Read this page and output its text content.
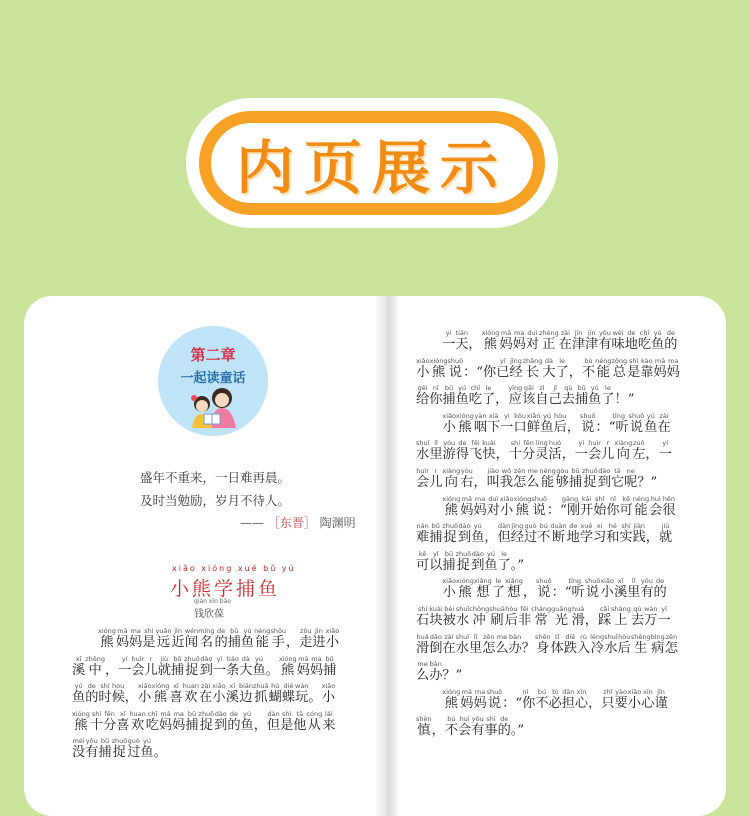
内页展示
第二章
一起读童话
盛年不重来，一日难再晨。
及时当勉励，岁月不待人。
—— ［东晋］ 陶渊明
xiǎo xióng xué bǔ yú
小熊学捕鱼
qián xīn bǎo
钱欣葆
熊xióng妈mā妈ma是shì远yuǎn近jìn闻wén名míng的de捕bǔ鱼yú能néng手shǒu， 走zǒu进jìn小xiǎo
溪xī中zhōng， 一yí会huìr儿r就jiù捕bǔ捉zhuō到dào一yì条tiáo大dà鱼yú。 熊xióng妈mā妈ma捕bǔ
鱼yú的de时shí候hou， 小xiǎo熊xióng喜xǐ欢huan在zài小xiǎo溪xī边biān抓zhuā蝴hú蝶dié玩wán。 小xiǎo
熊xióng十shí分fēn喜xǐ欢huan吃chī妈mā妈ma捕bǔ捉zhuō到dào的de鱼yú， 但dàn是shì他tā从cóng来lái
没méi有yǒu捕bǔ捉zhuō过guò鱼yú。
一yì天tiān， 熊xióng妈mā妈ma对duì正zhèng在zài津jīn津jīn有yǒu味wèi地de吃chī鱼yú的de
小xiǎo熊xióng说shuō： “你 已yǐ经jīng长zhǎng大dà了le， 不bù能néng总zǒng是shì靠kào妈mā妈ma
给gěi你nǐ捕bǔ鱼yú吃chī了le， 应yīng该gāi自zì己jǐ去qù捕bǔ鱼yú了le！”
　 　 小xiǎo熊xióng咽yàn下xià一yì口kǒu鲜xiān鱼yú后hòu， 说shuō： “听tīng说shuō鱼yú在zài
水shuǐ里lǐ游yóu得de飞fēi快kuài， 十shí分fēn灵líng活huó， 一yí会huìr儿r向xiàng左zuǒ， 一yí
会huìr儿r向xiàng右yòu， 叫jiào我wǒ怎zěn么me能néng够gòu捕bǔ捉zhuō到dào它tā呢ne？”
　 　 熊xióng妈mā妈ma对duì小xiǎo熊xióng说shuō： “刚gāng开kāi始shǐ你nǐ可kě能néng会huì很hěn
难nán捕bǔ捉zhuō到dào鱼yú， 但dàn经jīng过guò不bú断duàn地de学xué习xí和hé实shí践jiàn， 就jiù
可kě以yǐ捕bǔ捉zhuō到dào鱼yú了le。”
　 　 小xiǎo熊xióng想xiǎng了le想xiǎng， 说shuō： “听tīng说shuō小xiǎo溪xī里lǐ有yǒu的de
石shí块kuài被bèi水shuǐ冲chōng刷shuā后hòu非fēi常cháng光guāng滑huá， 踩cǎi上shàng去qù万wàn一yī
滑huá倒dǎo在zài水shuǐ里lǐ怎zěn么me办bàn？ 身shēn体tǐ跌diē入rù冷lěng水shuǐ后hòu生shēng病bìng怎zěn
么me办bàn？”
　 　 熊xióng妈mā妈ma说shuō： “你nǐ不bú必bì担dān心xīn， 只zhǐ要yào小xiǎo心xīn谨jǐn
慎shèn， 不bú会huì有yǒu事shì的de。”
